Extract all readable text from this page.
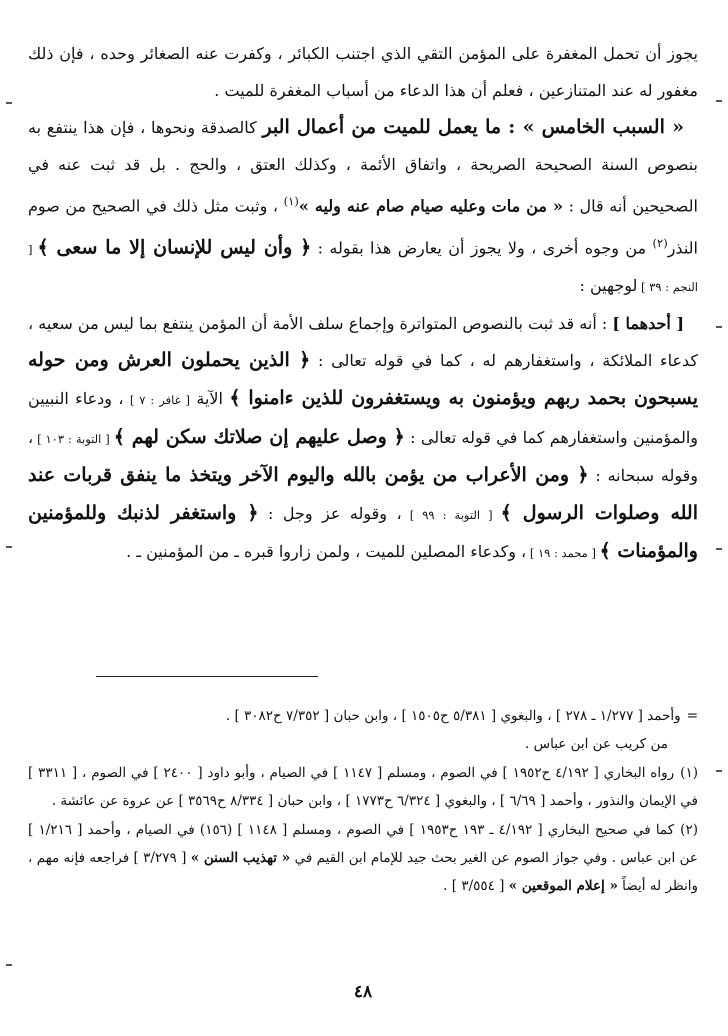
يجوز أن تحمل المغفرة على المؤمن التقي الذي اجتنب الكبائر ، وكفرت عنه الصغائر وحده ، فإن ذلك مغفور له عند المتنازعين ، فعلم أن هذا الدعاء من أسباب المغفرة للميت .

« السبب الخامس » : ما يعمل للميت من أعمال البر كالصدقة ونحوها ، فإن هذا ينتفع به بنصوص السنة الصحيحة الصريحة ، واتفاق الأئمة ، وكذلك العتق ، والحج . بل قد ثبت عنه في الصحيحين أنه قال : « من مات وعليه صيام صام عنه وليه »$^{(١)}$ ، وثبت مثل ذلك في الصحيح من صوم النذر$^{(٢)}$ من وجوه أخرى ، ولا يجوز أن يعارض هذا بقوله : ﴿ وأن ليس للإنسان إلا ما سعى ﴾ [ النجم : ٣٩ ] لوجهين :

[ أحدهما ] : أنه قد ثبت بالنصوص المتواترة وإجماع سلف الأمة أن المؤمن ينتفع بما ليس من سعيه ، كدعاء الملائكة ، واستغفارهم له ، كما في قوله تعالى : ﴿ الذين يحملون العرش ومن حوله يسبحون بحمد ربهم ويؤمنون به ويستغفرون للذين ءامنوا ﴾ الآية [ غافر : ٧ ] ، ودعاء النبيين والمؤمنين واستغفارهم كما في قوله تعالى : ﴿ وصل عليهم إن صلاتك سكن لهم ﴾ [ التوبة : ١٠٣ ] ، وقوله سبحانه : ﴿ ومن الأعراب من يؤمن بالله واليوم الآخر ويتخذ ما ينفق قربات عند الله وصلوات الرسول ﴾ [ التوبة : ٩٩ ] ، وقوله عز وجل : ﴿ واستغفر لذنبك وللمؤمنين والمؤمنات ﴾ [ محمد : ١٩ ] ، وكدعاء المصلين للميت ، ولمن زاروا قبره ـ من المؤمنين ـ .

=وأحمد [ ١/٢٧٧ ـ ٢٧٨ ] ، والبغوي [ ٥/٣٨١ ح١٥٠٥ ] ، وابن حبان [ ٧/٣٥٢ ح٣٠٨٢ ] .

من كريب عن ابن عباس .

(١)رواه البخاري [ ٤/١٩٢ ح١٩٥٢ ] في الصوم ، ومسلم [ ١١٤٧ ] في الصيام ، وأبو داود [ ٢٤٠٠ ] في الصوم ، [ ٣٣١١ ] في الإيمان والنذور ، وأحمد [ ٦/٦٩ ] ، والبغوي [ ٦/٣٢٤ ح١٧٧٣ ] ، وابن حبان [ ٨/٣٣٤ ح٣٥٦٩ ] عن عروة عن عائشة .

(٢)كما في صحيح البخاري [ ٤/١٩٢ ـ ١٩٣ ح١٩٥٣ ] في الصوم ، ومسلم [ ١١٤٨ ] (١٥٦) في الصيام ، وأحمد [ ١/٢١٦ ] عن ابن عباس . وفي جواز الصوم عن الغير بحث جيد للإمام ابن القيم في « تهذيب السنن » [ ٣/٢٧٩ ] فراجعه فإنه مهم ، وانظر له أيضاً « إعلام الموقعين » [ ٣/٥٥٤ ] .

٤٨
